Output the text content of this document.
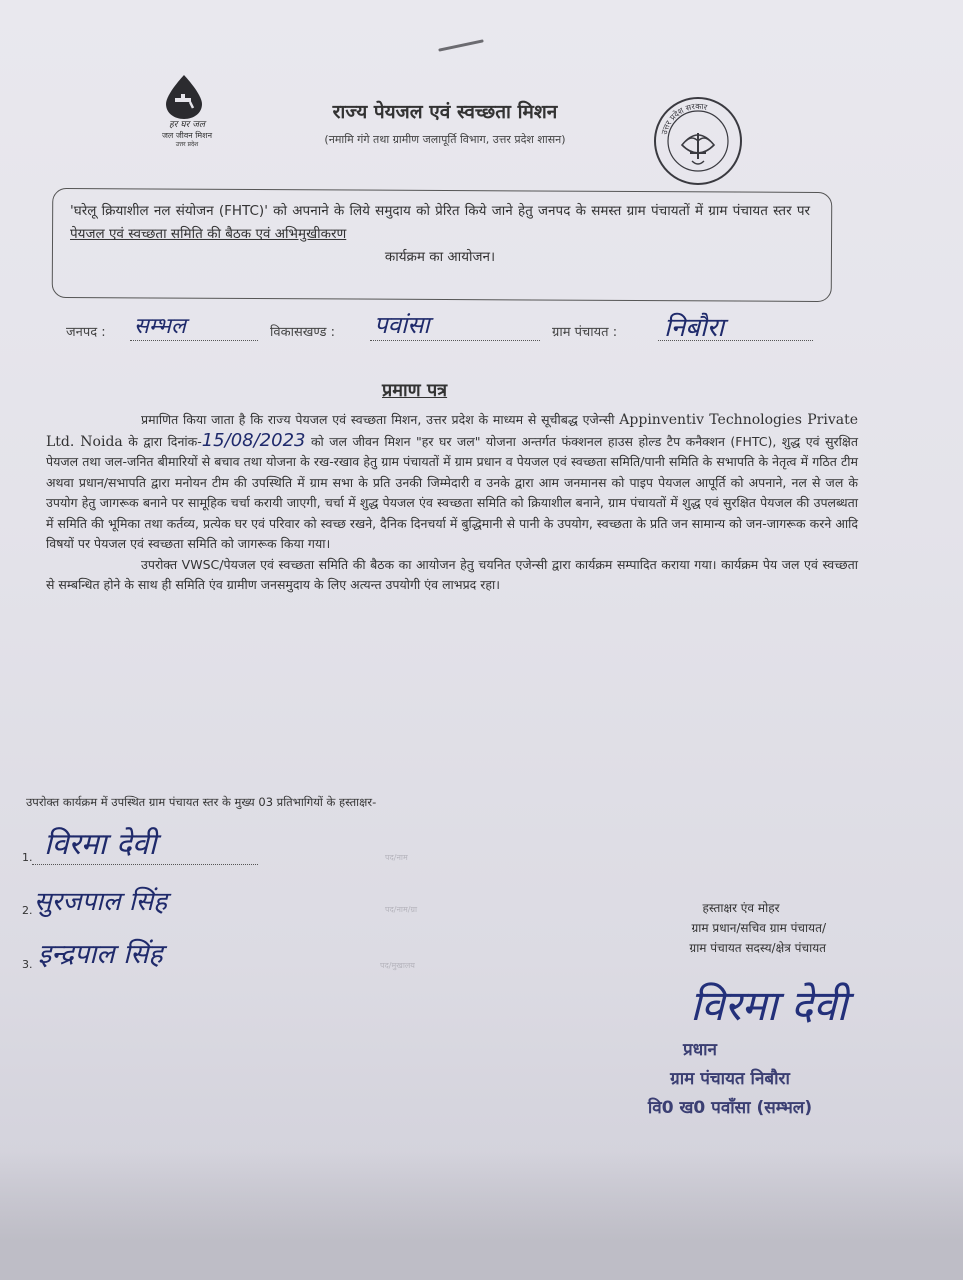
हर घर जल
जल जीवन मिशन
उत्तर प्रदेश
राज्य पेयजल एवं स्वच्छता मिशन
(नमामि गंगे तथा ग्रामीण जलापूर्ति विभाग, उत्तर प्रदेश शासन)
उत्तर प्रदेश सरकार
'घरेलू क्रियाशील नल संयोजन (FHTC)' को अपनाने के लिये समुदाय को प्रेरित किये जाने हेतु जनपद के समस्त ग्राम पंचायतों में ग्राम पंचायत स्तर पर पेयजल एवं स्वच्छता समिति की बैठक एवं अभिमुखीकरण
कार्यक्रम का आयोजन।
जनपद : सम्भल	विकासखण्ड : पवांसा	ग्राम पंचायत : निबौरा
प्रमाण पत्र
प्रमाणित किया जाता है कि राज्य पेयजल एवं स्वच्छता मिशन, उत्तर प्रदेश के माध्यम से सूचीबद्ध एजेन्सी Appinventiv Technologies Private Ltd. Noida के द्वारा दिनांक-15/08/2023 को जल जीवन मिशन "हर घर जल" योजना अन्तर्गत फंक्शनल हाउस होल्ड टैप कनैक्शन (FHTC), शुद्ध एवं सुरक्षित पेयजल तथा जल-जनित बीमारियों से बचाव तथा योजना के रख-रखाव हेतु ग्राम पंचायतों में ग्राम प्रधान व पेयजल एवं स्वच्छता समिति/पानी समिति के सभापति के नेतृत्व में गठित टीम अथवा प्रधान/सभापति द्वारा मनोयन टीम की उपस्थिति में ग्राम सभा के प्रति उनकी जिम्मेदारी व उनके द्वारा आम जनमानस को पाइप पेयजल आपूर्ति को अपनाने, नल से जल के उपयोग हेतु जागरूक बनाने पर सामूहिक चर्चा करायी जाएगी, चर्चा में शुद्ध पेयजल एंव स्वच्छता समिति को क्रियाशील बनाने, ग्राम पंचायतों में शुद्ध एवं सुरक्षित पेयजल की उपलब्धता में समिति की भूमिका तथा कर्तव्य, प्रत्येक घर एवं परिवार को स्वच्छ रखने, दैनिक दिनचर्या में बुद्धिमानी से पानी के उपयोग, स्वच्छता के प्रति जन सामान्य को जन-जागरूक करने आदि विषयों पर पेयजल एवं स्वच्छता समिति को जागरूक किया गया।
उपरोक्त VWSC/पेयजल एवं स्वच्छता समिति की बैठक का आयोजन हेतु चयनित एजेन्सी द्वारा कार्यक्रम सम्पादित कराया गया। कार्यक्रम पेय जल एवं स्वच्छता से सम्बन्धित होने के साथ ही समिति एंव ग्रामीण जनसमुदाय के लिए अत्यन्त उपयोगी एंव लाभप्रद रहा।
उपरोक्त कार्यक्रम में उपस्थित ग्राम पंचायत स्तर के मुख्य 03 प्रतिभागियों के हस्ताक्षर-
1. विरमा देवी	पद/नाम
2. सुरजपाल सिंह	पद/नाम/ग्रा
3. इन्द्रपाल सिंह	पद/मुखालय
हस्ताक्षर एंव मोहर
ग्राम प्रधान/सचिव ग्राम पंचायत/
ग्राम पंचायत सदस्य/क्षेत्र पंचायत
विरमा देवी
प्रधान
ग्राम पंचायत निबौरा
वि0 ख0 पवाँसा (सम्भल)
